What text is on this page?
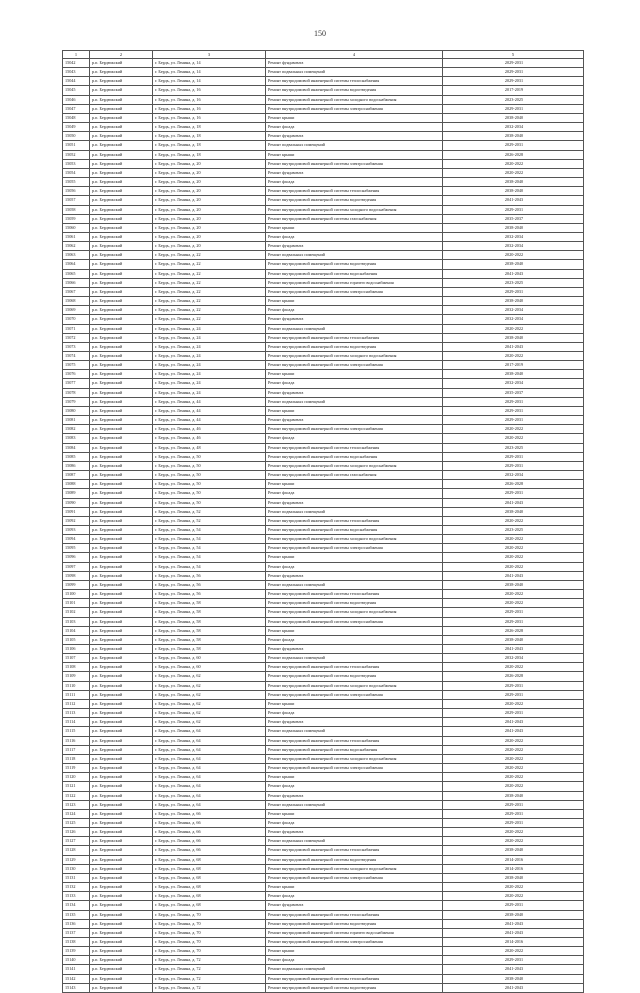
150
1	2	3	4	5
15042	р.п. Бердюжский	г. Бердь, ул. Ленина, д. 14	Ремонт фундамента	2029-2031
15043	р.п. Бердюжский	г. Бердь, ул. Ленина, д. 14	Ремонт подвальных помещений	2029-2031
15044	р.п. Бердюжский	г. Бердь, ул. Ленина, д. 14	Ремонт внутридомовой инженерной системы теплоснабжения	2029-2031
15045	р.п. Бердюжский	г. Бердь, ул. Ленина, д. 16	Ремонт внутридомовой инженерной системы водоотведения	2017-2019
15046	р.п. Бердюжский	г. Бердь, ул. Ленина, д. 16	Ремонт внутридомовой инженерной системы холодного водоснабжения	2023-2025
15047	р.п. Бердюжский	г. Бердь, ул. Ленина, д. 16	Ремонт внутридомовой инженерной системы электроснабжения	2029-2031
15048	р.п. Бердюжский	г. Бердь, ул. Ленина, д. 16	Ремонт крыши	2038-2040
15049	р.п. Бердюжский	г. Бердь, ул. Ленина, д. 18	Ремонт фасада	2032-2034
15050	р.п. Бердюжский	г. Бердь, ул. Ленина, д. 18	Ремонт фундамента	2038-2040
15051	р.п. Бердюжский	г. Бердь, ул. Ленина, д. 18	Ремонт подвальных помещений	2029-2031
15052	р.п. Бердюжский	г. Бердь, ул. Ленина, д. 18	Ремонт крыши	2026-2028
15053	р.п. Бердюжский	г. Бердь, ул. Ленина, д. 20	Ремонт внутридомовой инженерной системы электроснабжения	2020-2022
15054	р.п. Бердюжский	г. Бердь, ул. Ленина, д. 20	Ремонт фундамента	2020-2022
15055	р.п. Бердюжский	г. Бердь, ул. Ленина, д. 20	Ремонт фасада	2038-2040
15056	р.п. Бердюжский	г. Бердь, ул. Ленина, д. 20	Ремонт внутридомовой инженерной системы теплоснабжения	2038-2040
15057	р.п. Бердюжский	г. Бердь, ул. Ленина, д. 20	Ремонт внутридомовой инженерной системы водоотведения	2041-2043
15058	р.п. Бердюжский	г. Бердь, ул. Ленина, д. 20	Ремонт внутридомовой инженерной системы холодного водоснабжения	2029-2031
15059	р.п. Бердюжский	г. Бердь, ул. Ленина, д. 20	Ремонт внутридомовой инженерной системы газоснабжения	2035-2037
15060	р.п. Бердюжский	г. Бердь, ул. Ленина, д. 20	Ремонт крыши	2038-2040
15061	р.п. Бердюжский	г. Бердь, ул. Ленина, д. 20	Ремонт фасада	2032-2034
15062	р.п. Бердюжский	г. Бердь, ул. Ленина, д. 20	Ремонт фундамента	2032-2034
15063	р.п. Бердюжский	г. Бердь, ул. Ленина, д. 22	Ремонт подвальных помещений	2020-2022
15064	р.п. Бердюжский	г. Бердь, ул. Ленина, д. 22	Ремонт внутридомовой инженерной системы водоотведения	2038-2040
15065	р.п. Бердюжский	г. Бердь, ул. Ленина, д. 22	Ремонт внутридомовой инженерной системы водоснабжения	2041-2043
15066	р.п. Бердюжский	г. Бердь, ул. Ленина, д. 22	Ремонт внутридомовой инженерной системы горячего водоснабжения	2023-2025
15067	р.п. Бердюжский	г. Бердь, ул. Ленина, д. 22	Ремонт внутридомовой инженерной системы электроснабжения	2029-2031
15068	р.п. Бердюжский	г. Бердь, ул. Ленина, д. 22	Ремонт крыши	2038-2040
15069	р.п. Бердюжский	г. Бердь, ул. Ленина, д. 22	Ремонт фасада	2032-2034
15070	р.п. Бердюжский	г. Бердь, ул. Ленина, д. 22	Ремонт фундамента	2032-2034
15071	р.п. Бердюжский	г. Бердь, ул. Ленина, д. 24	Ремонт подвальных помещений	2020-2022
15072	р.п. Бердюжский	г. Бердь, ул. Ленина, д. 24	Ремонт внутридомовой инженерной системы теплоснабжения	2038-2040
15073	р.п. Бердюжский	г. Бердь, ул. Ленина, д. 24	Ремонт внутридомовой инженерной системы водоотведения	2041-2043
15074	р.п. Бердюжский	г. Бердь, ул. Ленина, д. 24	Ремонт внутридомовой инженерной системы холодного водоснабжения	2020-2022
15075	р.п. Бердюжский	г. Бердь, ул. Ленина, д. 24	Ремонт внутридомовой инженерной системы электроснабжения	2017-2019
15076	р.п. Бердюжский	г. Бердь, ул. Ленина, д. 24	Ремонт крыши	2038-2040
15077	р.п. Бердюжский	г. Бердь, ул. Ленина, д. 24	Ремонт фасада	2032-2034
15078	р.п. Бердюжский	г. Бердь, ул. Ленина, д. 24	Ремонт фундамента	2035-2037
15079	р.п. Бердюжский	г. Бердь, ул. Ленина, д. 44	Ремонт подвальных помещений	2029-2031
15080	р.п. Бердюжский	г. Бердь, ул. Ленина, д. 44	Ремонт крыши	2029-2031
15081	р.п. Бердюжский	г. Бердь, ул. Ленина, д. 44	Ремонт фундамента	2029-2031
15082	р.п. Бердюжский	г. Бердь, ул. Ленина, д. 46	Ремонт внутридомовой инженерной системы электроснабжения	2020-2022
15083	р.п. Бердюжский	г. Бердь, ул. Ленина, д. 46	Ремонт фасада	2020-2022
15084	р.п. Бердюжский	г. Бердь, ул. Ленина, д. 48	Ремонт внутридомовой инженерной системы теплоснабжения	2023-2025
15085	р.п. Бердюжский	г. Бердь, ул. Ленина, д. 50	Ремонт внутридомовой инженерной системы водоснабжения	2029-2031
15086	р.п. Бердюжский	г. Бердь, ул. Ленина, д. 50	Ремонт внутридомовой инженерной системы холодного водоснабжения	2029-2031
15087	р.п. Бердюжский	г. Бердь, ул. Ленина, д. 50	Ремонт внутридомовой инженерной системы газоснабжения	2032-2034
15088	р.п. Бердюжский	г. Бердь, ул. Ленина, д. 50	Ремонт крыши	2026-2028
15089	р.п. Бердюжский	г. Бердь, ул. Ленина, д. 50	Ремонт фасада	2029-2031
15090	р.п. Бердюжский	г. Бердь, ул. Ленина, д. 50	Ремонт фундамента	2041-2043
15091	р.п. Бердюжский	г. Бердь, ул. Ленина, д. 52	Ремонт подвальных помещений	2038-2040
15092	р.п. Бердюжский	г. Бердь, ул. Ленина, д. 52	Ремонт внутридомовой инженерной системы теплоснабжения	2020-2022
15093	р.п. Бердюжский	г. Бердь, ул. Ленина, д. 54	Ремонт внутридомовой инженерной системы водоснабжения	2023-2025
15094	р.п. Бердюжский	г. Бердь, ул. Ленина, д. 54	Ремонт внутридомовой инженерной системы холодного водоснабжения	2020-2022
15095	р.п. Бердюжский	г. Бердь, ул. Ленина, д. 54	Ремонт внутридомовой инженерной системы электроснабжения	2020-2022
15096	р.п. Бердюжский	г. Бердь, ул. Ленина, д. 54	Ремонт крыши	2020-2022
15097	р.п. Бердюжский	г. Бердь, ул. Ленина, д. 54	Ремонт фасада	2020-2022
15098	р.п. Бердюжский	г. Бердь, ул. Ленина, д. 56	Ремонт фундамента	2041-2043
15099	р.п. Бердюжский	г. Бердь, ул. Ленина, д. 56	Ремонт подвальных помещений	2038-2040
15100	р.п. Бердюжский	г. Бердь, ул. Ленина, д. 56	Ремонт внутридомовой инженерной системы теплоснабжения	2020-2022
15101	р.п. Бердюжский	г. Бердь, ул. Ленина, д. 58	Ремонт внутридомовой инженерной системы водоотведения	2020-2022
15102	р.п. Бердюжский	г. Бердь, ул. Ленина, д. 58	Ремонт внутридомовой инженерной системы холодного водоснабжения	2029-2031
15103	р.п. Бердюжский	г. Бердь, ул. Ленина, д. 58	Ремонт внутридомовой инженерной системы электроснабжения	2029-2031
15104	р.п. Бердюжский	г. Бердь, ул. Ленина, д. 58	Ремонт крыши	2026-2028
15105	р.п. Бердюжский	г. Бердь, ул. Ленина, д. 58	Ремонт фасада	2038-2040
15106	р.п. Бердюжский	г. Бердь, ул. Ленина, д. 58	Ремонт фундамента	2041-2043
15107	р.п. Бердюжский	г. Бердь, ул. Ленина, д. 60	Ремонт подвальных помещений	2032-2034
15108	р.п. Бердюжский	г. Бердь, ул. Ленина, д. 60	Ремонт внутридомовой инженерной системы теплоснабжения	2020-2022
15109	р.п. Бердюжский	г. Бердь, ул. Ленина, д. 62	Ремонт внутридомовой инженерной системы водоотведения	2026-2028
15110	р.п. Бердюжский	г. Бердь, ул. Ленина, д. 62	Ремонт внутридомовой инженерной системы холодного водоснабжения	2029-2031
15111	р.п. Бердюжский	г. Бердь, ул. Ленина, д. 62	Ремонт внутридомовой инженерной системы электроснабжения	2029-2031
15112	р.п. Бердюжский	г. Бердь, ул. Ленина, д. 62	Ремонт крыши	2020-2022
15113	р.п. Бердюжский	г. Бердь, ул. Ленина, д. 62	Ремонт фасада	2029-2031
15114	р.п. Бердюжский	г. Бердь, ул. Ленина, д. 62	Ремонт фундамента	2041-2043
15115	р.п. Бердюжский	г. Бердь, ул. Ленина, д. 64	Ремонт подвальных помещений	2041-2043
15116	р.п. Бердюжский	г. Бердь, ул. Ленина, д. 64	Ремонт внутридомовой инженерной системы теплоснабжения	2020-2022
15117	р.п. Бердюжский	г. Бердь, ул. Ленина, д. 64	Ремонт внутридомовой инженерной системы водоснабжения	2020-2022
15118	р.п. Бердюжский	г. Бердь, ул. Ленина, д. 64	Ремонт внутридомовой инженерной системы холодного водоснабжения	2020-2022
15119	р.п. Бердюжский	г. Бердь, ул. Ленина, д. 64	Ремонт внутридомовой инженерной системы электроснабжения	2020-2022
15120	р.п. Бердюжский	г. Бердь, ул. Ленина, д. 64	Ремонт крыши	2020-2022
15121	р.п. Бердюжский	г. Бердь, ул. Ленина, д. 64	Ремонт фасада	2020-2022
15122	р.п. Бердюжский	г. Бердь, ул. Ленина, д. 64	Ремонт фундамента	2038-2040
15123	р.п. Бердюжский	г. Бердь, ул. Ленина, д. 64	Ремонт подвальных помещений	2029-2031
15124	р.п. Бердюжский	г. Бердь, ул. Ленина, д. 66	Ремонт крыши	2029-2031
15125	р.п. Бердюжский	г. Бердь, ул. Ленина, д. 66	Ремонт фасада	2029-2031
15126	р.п. Бердюжский	г. Бердь, ул. Ленина, д. 66	Ремонт фундамента	2020-2022
15127	р.п. Бердюжский	г. Бердь, ул. Ленина, д. 66	Ремонт подвальных помещений	2020-2022
15128	р.п. Бердюжский	г. Бердь, ул. Ленина, д. 66	Ремонт внутридомовой инженерной системы теплоснабжения	2038-2040
15129	р.п. Бердюжский	г. Бердь, ул. Ленина, д. 68	Ремонт внутридомовой инженерной системы водоотведения	2014-2016
15130	р.п. Бердюжский	г. Бердь, ул. Ленина, д. 68	Ремонт внутридомовой инженерной системы холодного водоснабжения	2014-2016
15131	р.п. Бердюжский	г. Бердь, ул. Ленина, д. 68	Ремонт внутридомовой инженерной системы электроснабжения	2038-2040
15132	р.п. Бердюжский	г. Бердь, ул. Ленина, д. 68	Ремонт крыши	2020-2022
15133	р.п. Бердюжский	г. Бердь, ул. Ленина, д. 68	Ремонт фасада	2020-2022
15134	р.п. Бердюжский	г. Бердь, ул. Ленина, д. 68	Ремонт фундамента	2029-2031
15135	р.п. Бердюжский	г. Бердь, ул. Ленина, д. 70	Ремонт внутридомовой инженерной системы теплоснабжения	2038-2040
15136	р.п. Бердюжский	г. Бердь, ул. Ленина, д. 70	Ремонт внутридомовой инженерной системы водоотведения	2041-2043
15137	р.п. Бердюжский	г. Бердь, ул. Ленина, д. 70	Ремонт внутридомовой инженерной системы горячего водоснабжения	2041-2043
15138	р.п. Бердюжский	г. Бердь, ул. Ленина, д. 70	Ремонт внутридомовой инженерной системы электроснабжения	2014-2016
15139	р.п. Бердюжский	г. Бердь, ул. Ленина, д. 70	Ремонт крыши	2020-2022
15140	р.п. Бердюжский	г. Бердь, ул. Ленина, д. 72	Ремонт фасада	2029-2031
15141	р.п. Бердюжский	г. Бердь, ул. Ленина, д. 72	Ремонт подвальных помещений	2041-2043
15142	р.п. Бердюжский	г. Бердь, ул. Ленина, д. 72	Ремонт внутридомовой инженерной системы теплоснабжения	2038-2040
15143	р.п. Бердюжский	г. Бердь, ул. Ленина, д. 72	Ремонт внутридомовой инженерной системы водоотведения	2041-2043
